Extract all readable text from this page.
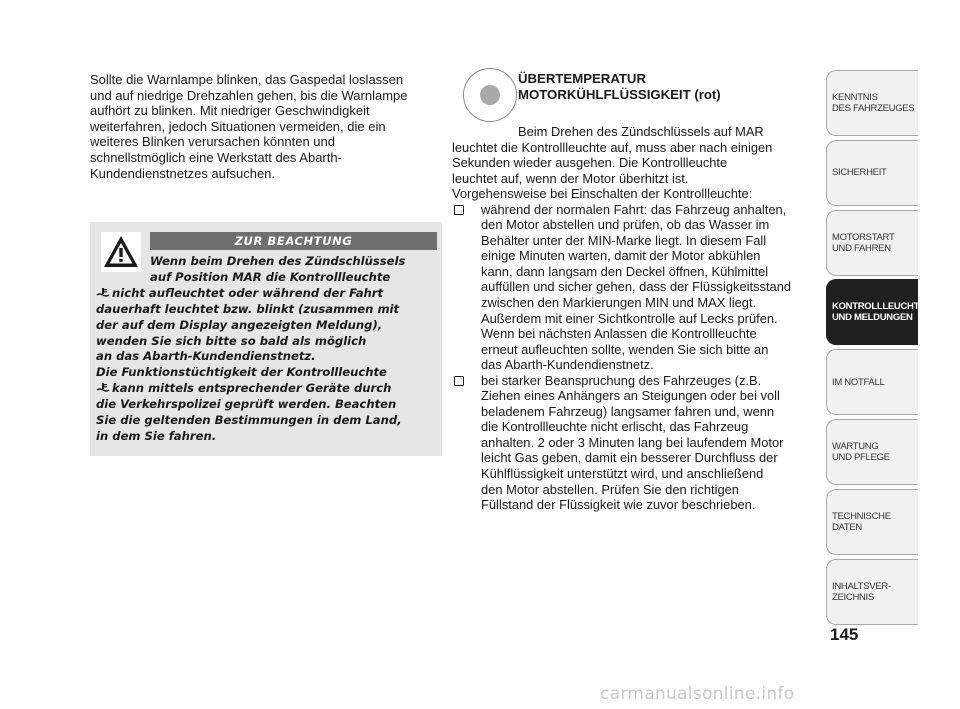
Sollte die Warnlampe blinken, das Gaspedal loslassen
und auf niedrige Drehzahlen gehen, bis die Warnlampe
aufhört zu blinken. Mit niedriger Geschwindigkeit
weiterfahren, jedoch Situationen vermeiden, die ein
weiteres Blinken verursachen könnten und
schnellstmöglich eine Werkstatt des Abarth-
Kundendienstnetzes aufsuchen.

ZUR BEACHTUNG
Wenn beim Drehen des Zündschlüssels
auf Position MAR die Kontrollleuchte
nicht aufleuchtet oder während der Fahrt
dauerhaft leuchtet bzw. blinkt (zusammen mit
der auf dem Display angezeigten Meldung),
wenden Sie sich bitte so bald als möglich
an das Abarth-Kundendienstnetz.
Die Funktionstüchtigkeit der Kontrollleuchte
kann mittels entsprechender Geräte durch
die Verkehrspolizei geprüft werden. Beachten
Sie die geltenden Bestimmungen in dem Land,
in dem Sie fahren.
ÜBERTEMPERATUR
MOTORKÜHLFLÜSSIGKEIT (rot)
Beim Drehen des Zündschlüssels auf MAR
leuchtet die Kontrollleuchte auf, muss aber nach einigen
Sekunden wieder ausgehen. Die Kontrollleuchte
leuchtet auf, wenn der Motor überhitzt ist.
Vorgehensweise bei Einschalten der Kontrollleuchte:
während der normalen Fahrt: das Fahrzeug anhalten,
den Motor abstellen und prüfen, ob das Wasser im
Behälter unter der MIN-Marke liegt. In diesem Fall
einige Minuten warten, damit der Motor abkühlen
kann, dann langsam den Deckel öffnen, Kühlmittel
auffüllen und sicher gehen, dass der Flüssigkeitsstand
zwischen den Markierungen MIN und MAX liegt.
Außerdem mit einer Sichtkontrolle auf Lecks prüfen.
Wenn bei nächsten Anlassen die Kontrollleuchte
erneut aufleuchten sollte, wenden Sie sich bitte an
das Abarth-Kundendienstnetz.
bei starker Beanspruchung des Fahrzeuges (z.B.
Ziehen eines Anhängers an Steigungen oder bei voll
beladenem Fahrzeug) langsamer fahren und, wenn
die Kontrollleuchte nicht erlischt, das Fahrzeug
anhalten. 2 oder 3 Minuten lang bei laufendem Motor
leicht Gas geben, damit ein besserer Durchfluss der
Kühlflüssigkeit unterstützt wird, und anschließend
den Motor abstellen. Prüfen Sie den richtigen
Füllstand der Flüssigkeit wie zuvor beschrieben.
KENNTNIS
DES FAHRZEUGES
SICHERHEIT
MOTORSTART
UND FAHREN
KONTROLLLEUCHTEN
UND MELDUNGEN
IM NOTFALL
WARTUNG
UND PFLEGE
TECHNISCHE
DATEN
INHALTSVER-
ZEICHNIS
145
carmanualsonline.info
